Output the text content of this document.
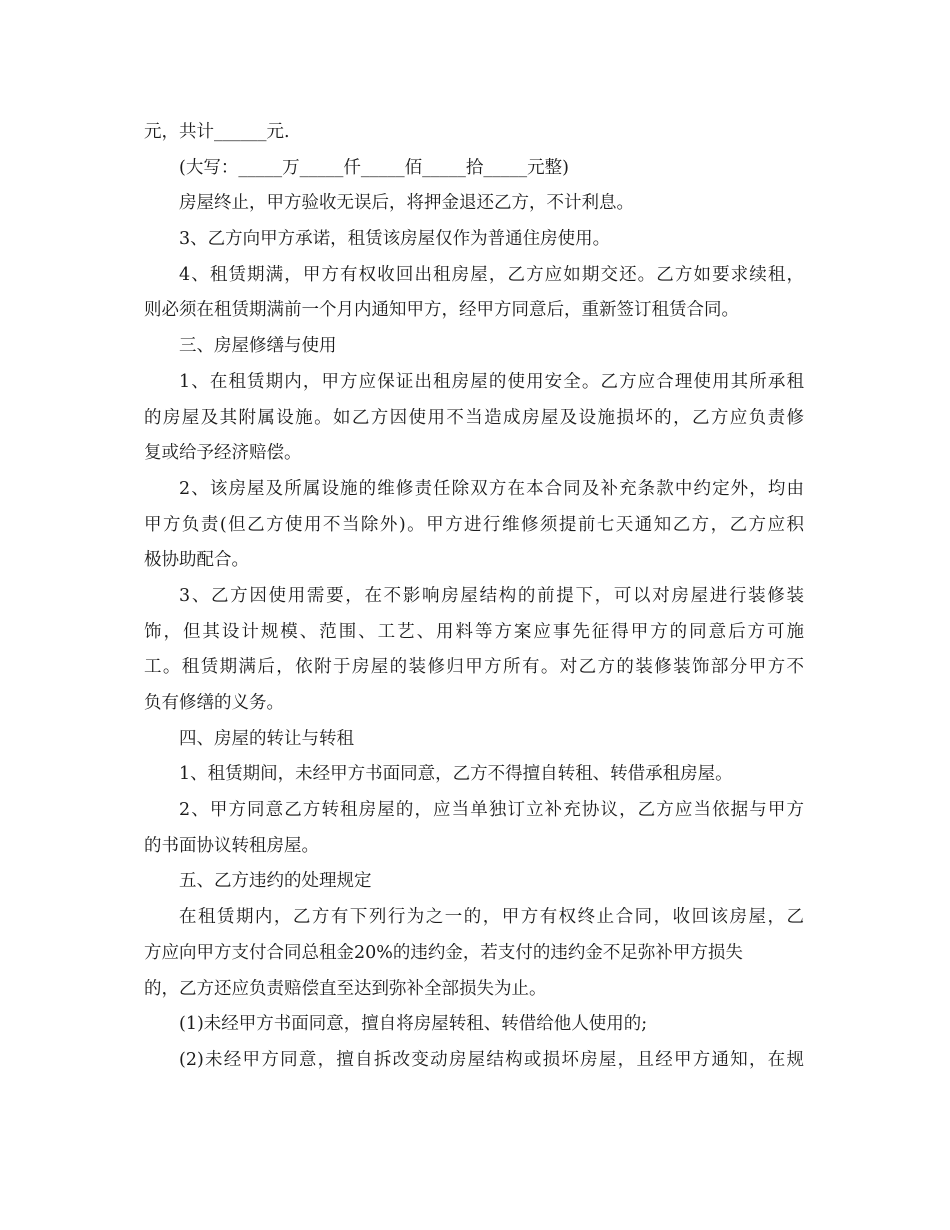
元，共计______元.

(大写：_____万_____仟_____佰_____拾_____元整)

房屋终止，甲方验收无误后，将押金退还乙方，不计利息。

3、乙方向甲方承诺，租赁该房屋仅作为普通住房使用。

4、租赁期满，甲方有权收回出租房屋，乙方应如期交还。乙方如要求续租，

则必须在租赁期满前一个月内通知甲方，经甲方同意后，重新签订租赁合同。

三、房屋修缮与使用

1、在租赁期内，甲方应保证出租房屋的使用安全。乙方应合理使用其所承租

的房屋及其附属设施。如乙方因使用不当造成房屋及设施损坏的，乙方应负责修

复或给予经济赔偿。

2、该房屋及所属设施的维修责任除双方在本合同及补充条款中约定外，均由

甲方负责(但乙方使用不当除外)。甲方进行维修须提前七天通知乙方，乙方应积

极协助配合。

3、乙方因使用需要，在不影响房屋结构的前提下，可以对房屋进行装修装

饰，但其设计规模、范围、工艺、用料等方案应事先征得甲方的同意后方可施

工。租赁期满后，依附于房屋的装修归甲方所有。对乙方的装修装饰部分甲方不

负有修缮的义务。

四、房屋的转让与转租

1、租赁期间，未经甲方书面同意，乙方不得擅自转租、转借承租房屋。

2、甲方同意乙方转租房屋的，应当单独订立补充协议，乙方应当依据与甲方

的书面协议转租房屋。

五、乙方违约的处理规定

在租赁期内，乙方有下列行为之一的，甲方有权终止合同，收回该房屋，乙

方应向甲方支付合同总租金20%的违约金，若支付的违约金不足弥补甲方损失

的，乙方还应负责赔偿直至达到弥补全部损失为止。

(1)未经甲方书面同意，擅自将房屋转租、转借给他人使用的;

(2)未经甲方同意，擅自拆改变动房屋结构或损坏房屋，且经甲方通知，在规
